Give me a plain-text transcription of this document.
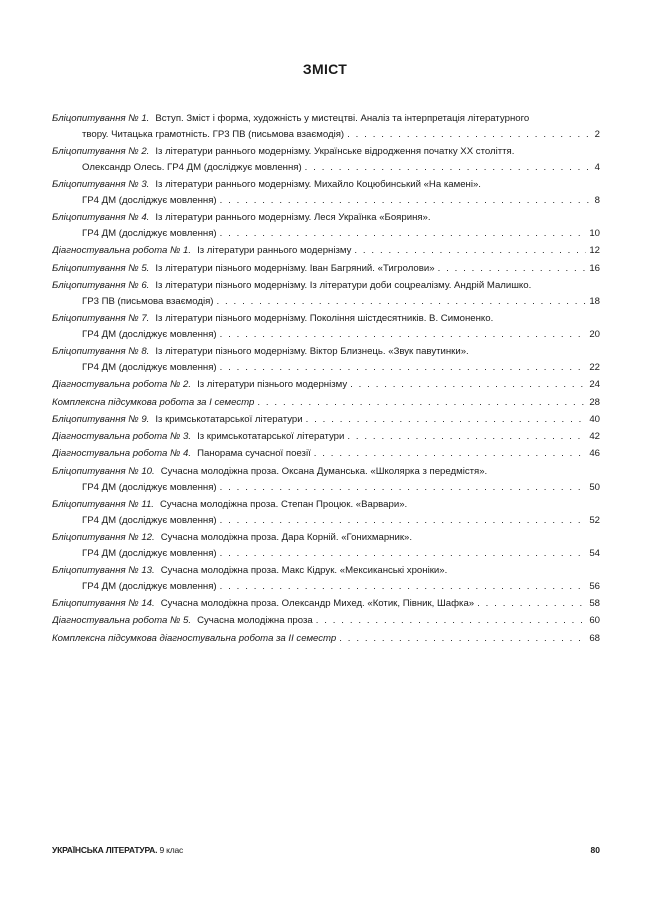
ЗМІСТ
Бліцопитування № 1. Вступ. Зміст і форма, художність у мистецтві. Аналіз та інтерпретація літературного
твору. Читацька грамотність. ГР3 ПВ (письмова взаємодія) . . .	2
Бліцопитування № 2. Із літератури раннього модернізму. Українське відродження початку ХХ століття.
Олександр Олесь. ГР4 ДМ (досліджує мовлення) . . .	4
Бліцопитування № 3. Із літератури раннього модернізму. Михайло Коцюбинський «На камені».
ГР4 ДМ (досліджує мовлення) . . .	8
Бліцопитування № 4. Із літератури раннього модернізму. Леся Українка «Бояриня».
ГР4 ДМ (досліджує мовлення) . . .	10
Діагностувальна робота № 1. Із літератури раннього модернізму . . .	12
Бліцопитування № 5. Із літератури пізнього модернізму. Іван Багряний. «Тигролови» . . .	16
Бліцопитування № 6. Із літератури пізнього модернізму. Із літератури доби соцреалізму. Андрій Малишко.
ГР3 ПВ (письмова взаємодія) . . .	18
Бліцопитування № 7. Із літератури пізнього модернізму. Покоління шістдесятників. В. Симоненко.
ГР4 ДМ (досліджує мовлення) . . .	20
Бліцопитування № 8. Із літератури пізнього модернізму. Віктор Близнець. «Звук павутинки».
ГР4 ДМ (досліджує мовлення) . . .	22
Діагностувальна робота № 2. Із літератури пізнього модернізму . . .	24
Комплексна підсумкова робота за І семестр . . .	28
Бліцопитування № 9. Із кримськотатарської літератури . . .	40
Діагностувальна робота № 3. Із кримськотатарської літератури . . .	42
Діагностувальна робота № 4. Панорама сучасної поезії . . .	46
Бліцопитування № 10. Сучасна молодіжна проза. Оксана Думанська. «Школярка з передмістя».
ГР4 ДМ (досліджує мовлення) . . .	50
Бліцопитування № 11. Сучасна молодіжна проза. Степан Процюк. «Варвари».
ГР4 ДМ (досліджує мовлення) . . .	52
Бліцопитування № 12. Сучасна молодіжна проза. Дара Корній. «Гонихмарник».
ГР4 ДМ (досліджує мовлення) . . .	54
Бліцопитування № 13. Сучасна молодіжна проза. Макс Кідрук. «Мексиканські хроніки».
ГР4 ДМ (досліджує мовлення) . . .	56
Бліцопитування № 14. Сучасна молодіжна проза. Олександр Михед. «Котик, Півник, Шафка» . . .	58
Діагностувальна робота № 5. Сучасна молодіжна проза . . .	60
Комплексна підсумкова діагностувальна робота за ІІ семестр . . .	68
УКРАЇНСЬКА ЛІТЕРАТУРА. 9 клас	80
